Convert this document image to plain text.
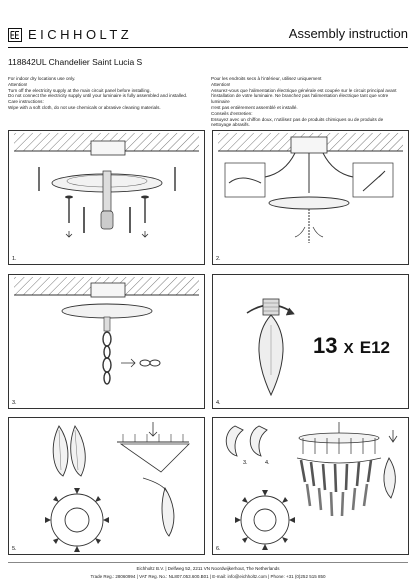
EICHHOLTZ	Assembly instruction
118842UL Chandelier Saint Lucia S
For indoor dry locations use only.
Attention!
Turn off the electricity supply at the main circuit panel before installing.
Do not connect the electricity supply until your luminaire is fully assembled and installed.
Care instructions:
Wipe with a soft cloth, do not use chemicals or abrasive cleaning materials.
Pour les endroits secs à l'intérieur, utilisez uniquement
Attention!
Assurez-vous que l'alimentation électrique générale est coupée sur le circuit principal avant
l'installation de votre luminaire. Ne branchez pas l'alimentation électrique tant que votre luminaire
n'est pas entièrement assemblé et installé.
Conseils d'entretien:
Essuyez avec un chiffon doux, n'utilisez pas de produits chimiques ou de produits de
nettoyage abrasifs.
1.	2.
3.
13 X E12
4.
5.
3.	4.
6.
Eichholtz B.V. | Delfweg 52, 2211 VN Noordwijkerhout, The Netherlands
Trade Reg.: 28060994 | VAT Reg. No.: NL807.053.600.B01 | E-mail: info@eichholtz.com | Phone: +31 (0)252 515 850
